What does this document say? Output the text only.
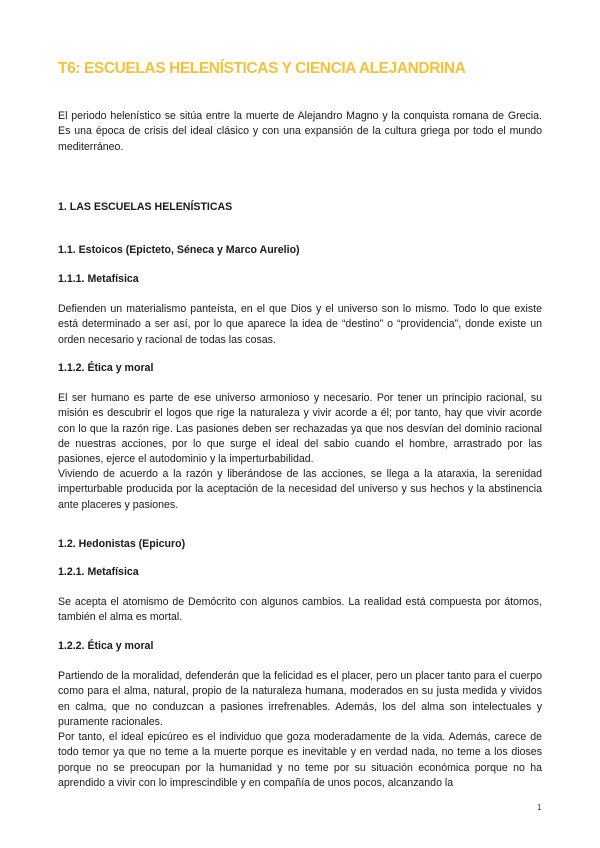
T6: ESCUELAS HELENÍSTICAS Y CIENCIA ALEJANDRINA

El periodo helenístico se sitúa entre la muerte de Alejandro Magno y la conquista romana de Grecia. Es una época de crisis del ideal clásico y con una expansión de la cultura griega por todo el mundo mediterráneo.

1. LAS ESCUELAS HELENÍSTICAS
1.1. Estoicos (Epicteto, Séneca y Marco Aurelio)
1.1.1. Metafísica

Defienden un materialismo panteísta, en el que Dios y el universo son lo mismo. Todo lo que existe está determinado a ser así, por lo que aparece la idea de “destino” o “providencia”, donde existe un orden necesario y racional de todas las cosas.

1.1.2. Ética y moral

El ser humano es parte de ese universo armonioso y necesario. Por tener un principio racional, su misión es descubrir el logos que rige la naturaleza y vivir acorde a él; por tanto, hay que vivir acorde con lo que la razón rige. Las pasiones deben ser rechazadas ya que nos desvían del dominio racional de nuestras acciones, por lo que surge el ideal del sabio cuando el hombre, arrastrado por las pasiones, ejerce el autodominio y la imperturbabilidad.

Viviendo de acuerdo a la razón y liberándose de las acciones, se llega a la ataraxia, la serenidad imperturbable producida por la aceptación de la necesidad del universo y sus hechos y la abstinencia ante placeres y pasiones.

1.2. Hedonistas (Epicuro)
1.2.1. Metafísica

Se acepta el atomismo de Demócrito con algunos cambios. La realidad está compuesta por átomos, también el alma es mortal.

1.2.2. Ética y moral

Partiendo de la moralidad, defenderán que la felicidad es el placer, pero un placer tanto para el cuerpo como para el alma, natural, propio de la naturaleza humana, moderados en su justa medida y vividos en calma, que no conduzcan a pasiones irrefrenables. Además, los del alma son intelectuales y puramente racionales.

Por tanto, el ideal epicúreo es el individuo que goza moderadamente de la vida. Además, carece de todo temor ya que no teme a la muerte porque es inevitable y en verdad nada, no teme a los dioses porque no se preocupan por la humanidad y no teme por su situación económica porque no ha aprendido a vivir con lo imprescindible y en compañía de unos pocos, alcanzando la

1
